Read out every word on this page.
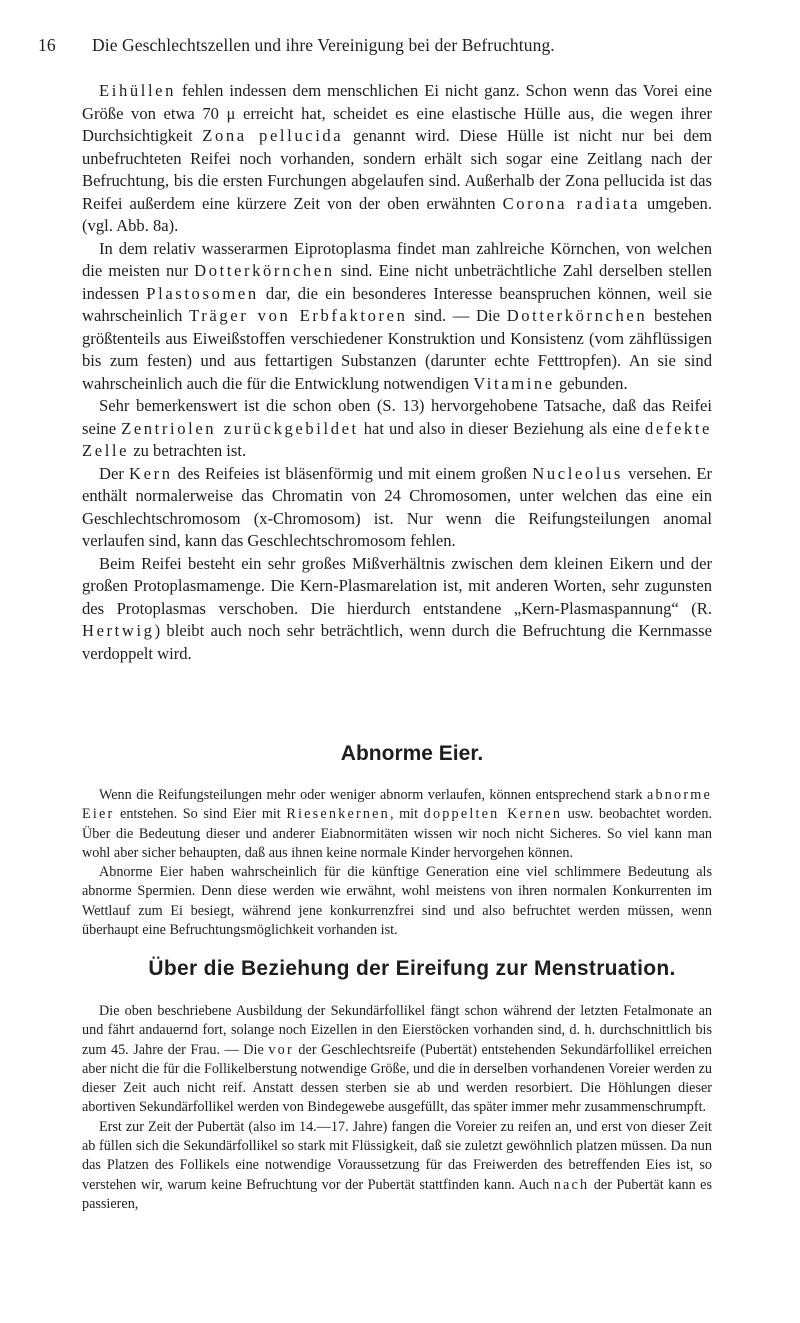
16 Die Geschlechtszellen und ihre Vereinigung bei der Befruchtung.

Eihüllen fehlen indessen dem menschlichen Ei nicht ganz. Schon wenn das Vorei eine Größe von etwa 70 μ erreicht hat, scheidet es eine elastische Hülle aus, die wegen ihrer Durchsichtigkeit Zona pellucida genannt wird. Diese Hülle ist nicht nur bei dem unbefruchteten Reifei noch vorhanden, sondern erhält sich sogar eine Zeitlang nach der Befruchtung, bis die ersten Furchungen abgelaufen sind. Außerhalb der Zona pellucida ist das Reifei außerdem eine kürzere Zeit von der oben erwähnten Corona radiata umgeben. (vgl. Abb. 8a).

In dem relativ wasserarmen Eiprotoplasma findet man zahlreiche Körnchen, von welchen die meisten nur Dotterkörnchen sind. Eine nicht unbeträchtliche Zahl derselben stellen indessen Plastosomen dar, die ein besonderes Interesse beanspruchen können, weil sie wahrscheinlich Träger von Erbfaktoren sind. — Die Dotterkörnchen bestehen größtenteils aus Eiweißstoffen verschiedener Konstruktion und Konsistenz (vom zähflüssigen bis zum festen) und aus fettartigen Substanzen (darunter echte Fetttropfen). An sie sind wahrscheinlich auch die für die Entwicklung notwendigen Vitamine gebunden.

Sehr bemerkenswert ist die schon oben (S. 13) hervorgehobene Tatsache, daß das Reifei seine Zentriolen zurückgebildet hat und also in dieser Beziehung als eine defekte Zelle zu betrachten ist.

Der Kern des Reifeies ist bläsenförmig und mit einem großen Nucleolus versehen. Er enthält normalerweise das Chromatin von 24 Chromosomen, unter welchen das eine ein Geschlechtschromosom (x-Chromosom) ist. Nur wenn die Reifungsteilungen anomal verlaufen sind, kann das Geschlechtschromosom fehlen.

Beim Reifei besteht ein sehr großes Mißverhältnis zwischen dem kleinen Eikern und der großen Protoplasmamenge. Die Kern-Plasmarelation ist, mit anderen Worten, sehr zugunsten des Protoplasmas verschoben. Die hierdurch entstandene „Kern-Plasmaspannung“ (R. Hertwig) bleibt auch noch sehr beträchtlich, wenn durch die Befruchtung die Kernmasse verdoppelt wird.

Abnorme Eier.

Wenn die Reifungsteilungen mehr oder weniger abnorm verlaufen, können entsprechend stark abnorme Eier entstehen. So sind Eier mit Riesenkernen, mit doppelten Kernen usw. beobachtet worden. Über die Bedeutung dieser und anderer Eiabnormitäten wissen wir noch nicht Sicheres. So viel kann man wohl aber sicher behaupten, daß aus ihnen keine normale Kinder hervorgehen können.

Abnorme Eier haben wahrscheinlich für die künftige Generation eine viel schlimmere Bedeutung als abnorme Spermien. Denn diese werden wie erwähnt, wohl meistens von ihren normalen Konkurrenten im Wettlauf zum Ei besiegt, während jene konkurrenzfrei sind und also befruchtet werden müssen, wenn überhaupt eine Befruchtungsmöglichkeit vorhanden ist.

Über die Beziehung der Eireifung zur Menstruation.

Die oben beschriebene Ausbildung der Sekundärfollikel fängt schon während der letzten Fetalmonate an und fährt andauernd fort, solange noch Eizellen in den Eierstöcken vorhanden sind, d. h. durchschnittlich bis zum 45. Jahre der Frau. — Die vor der Geschlechtsreife (Pubertät) entstehenden Sekundärfollikel erreichen aber nicht die für die Follikelberstung notwendige Größe, und die in derselben vorhandenen Voreier werden zu dieser Zeit auch nicht reif. Anstatt dessen sterben sie ab und werden resorbiert. Die Höhlungen dieser abortiven Sekundärfollikel werden von Bindegewebe ausgefüllt, das später immer mehr zusammenschrumpft.

Erst zur Zeit der Pubertät (also im 14.—17. Jahre) fangen die Voreier zu reifen an, und erst von dieser Zeit ab füllen sich die Sekundärfollikel so stark mit Flüssigkeit, daß sie zuletzt gewöhnlich platzen müssen. Da nun das Platzen des Follikels eine notwendige Voraussetzung für das Freiwerden des betreffenden Eies ist, so verstehen wir, warum keine Befruchtung vor der Pubertät stattfinden kann. Auch nach der Pubertät kann es passieren,
